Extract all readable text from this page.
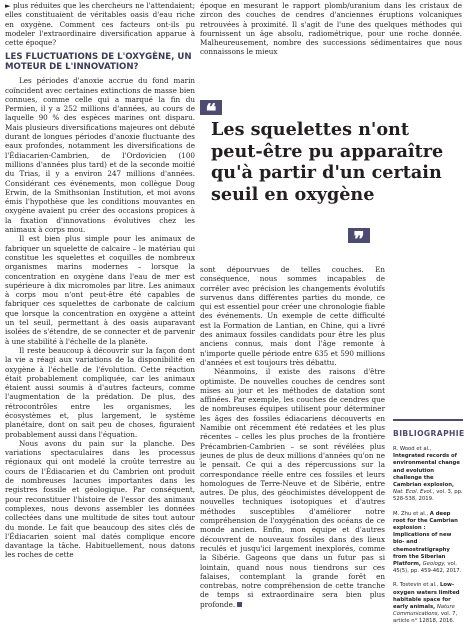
► plus réduites que les chercheurs ne l'attendaient; elles constituaient de véritables oasis d'eau riche en oxygène. Comment ces facteurs ont-ils pu modeler l'extraordinaire diversification apparue à cette époque?

LES FLUCTUATIONS DE L'OXYGÈNE, UN MOTEUR DE L'INNOVATION?

Les périodes d'anoxie accrue du fond marin coïncident avec certaines extinctions de masse bien connues, comme celle qui a marqué la fin du Permien, il y a 252 millions d'années, au cours de laquelle 90 % des espèces marines ont disparu. Mais plusieurs diversifications majeures ont débuté durant de longues périodes d'anoxie fluctuante des eaux profondes, notamment les diversifications de l'Édiacarien-Cambrien, de l'Ordovicien (100 millions d'années plus tard) et de la seconde moitié du Trias, il y a environ 247 millions d'années. Considérant ces événements, mon collègue Doug Erwin, de la Smithsonian Institution, et moi avons émis l'hypothèse que les conditions mouvantes en oxygène avaient pu créer des occasions propices à la fixation d'innovations évolutives chez les animaux à corps mou.

Il est bien plus simple pour les animaux de fabriquer un squelette de calcaire – le matériau qui constitue les squelettes et coquilles de nombreux organismes marins modernes – lorsque la concentration en oxygène dans l'eau de mer est supérieure à dix micromoles par litre. Les animaux à corps mou n'ont peut-être été capables de fabriquer ces squelettes de carbonate de calcium que lorsque la concentration en oxygène a atteint un tel seuil, permettant à des oasis auparavant isolées de s'étendre, de se connecter et de parvenir à une stabilité à l'échelle de la planète.

Il reste beaucoup à découvrir sur la façon dont la vie a réagi aux variations de la disponibilité en oxygène à l'échelle de l'évolution. Cette réaction était probablement compliquée, car les animaux étaient aussi soumis à d'autres facteurs, comme l'augmentation de la prédation. De plus, des rétrocontrôles entre les organismes, les écosystèmes et, plus largement, le système planétaire, dont on sait peu de choses, figuraient probablement aussi dans l'équation.

Nous avons du pain sur la planche. Des variations spectaculaires dans les processus régionaux qui ont modelé la croûte terrestre au cours de l'Édiacarien et du Cambrien ont produit de nombreuses lacunes importantes dans les registres fossile et géologique. Par conséquent, pour reconstituer l'histoire de l'essor des animaux complexes, nous devons assembler les données collectées dans une multitude de sites tout autour du monde. Le fait que beaucoup des sites clés de l'Édiacarien soient mal datés complique encore davantage la tâche. Habituellement, nous datons les roches de cette

époque en mesurant le rapport plomb/uranium dans les cristaux de zircon des couches de cendres d'anciennes éruptions volcaniques retrouvées à proximité. Il s'agit de l'une des quelques méthodes qui fournissent un âge absolu, radiométrique, pour une roche donnée. Malheureusement, nombre des successions sédimentaires que nous connaissons le mieux

sont dépourvues de telles couches. En conséquence, nous sommes incapables de corréler avec précision les changements évolutifs survenus dans différentes parties du monde, ce qui est essentiel pour créer une chronologie fiable des événements. Un exemple de cette difficulté est la Formation de Lantian, en Chine, qui a livré des animaux fossiles candidats pour être les plus anciens connus, mais dont l'âge remonte à n'importe quelle période entre 635 et 590 millions d'années et est toujours très débattu.

Néanmoins, il existe des raisons d'être optimiste. De nouvelles couches de cendres sont mises au jour et les méthodes de datation sont affinées. Par exemple, les couches de cendres que de nombreuses équipes utilisent pour déterminer les âges des fossiles édiacariens découverts en Namibie ont récemment été redatées et les plus récentes – celles les plus proches de la frontière Précambrien-Cambrien – se sont révélées plus jeunes de plus de deux millions d'années qu'on ne le pensait. Ce qui a des répercussions sur la correspondance réelle entre ces fossiles et leurs homologues de Terre-Neuve et de Sibérie, entre autres. De plus, des géochimistes développent de nouvelles techniques isotopiques et d'autres méthodes susceptibles d'améliorer notre compréhension de l'oxygénation des océans de ce monde ancien. Enfin, mon équipe et d'autres découvrent de nouveaux fossiles dans des lieux reculés et jusqu'ici largement inexplorés, comme la Sibérie. Gageons que dans un futur pas si lointain, quand nous nous tiendrons sur ces falaises, contemplant la grande forêt en contrebas, notre compréhension de cette tranche de temps si extraordinaire sera bien plus profonde.

❝

Les squelettes n'ont peut-être pu apparaître qu'à partir d'un certain seuil en oxygène

❞
BIBLIOGRAPHIE
R. Wood et al., Integrated records of environmental change and evolution challenge the Cambrian explosion, Nat. Ecol. Evol., vol. 3, pp. 528-538, 2019.
M. Zhu et al., A deep root for the Cambrian explosion : Implications of new bio- and chemostratigraphy from the Siberian Platform, Geology, vol. 45(5), pp. 459-462, 2017.
R. Tostevin et al., Low-oxygen waters limited habitable space for early animals, Nature Communications, vol. 7, article n° 12818, 2016.
